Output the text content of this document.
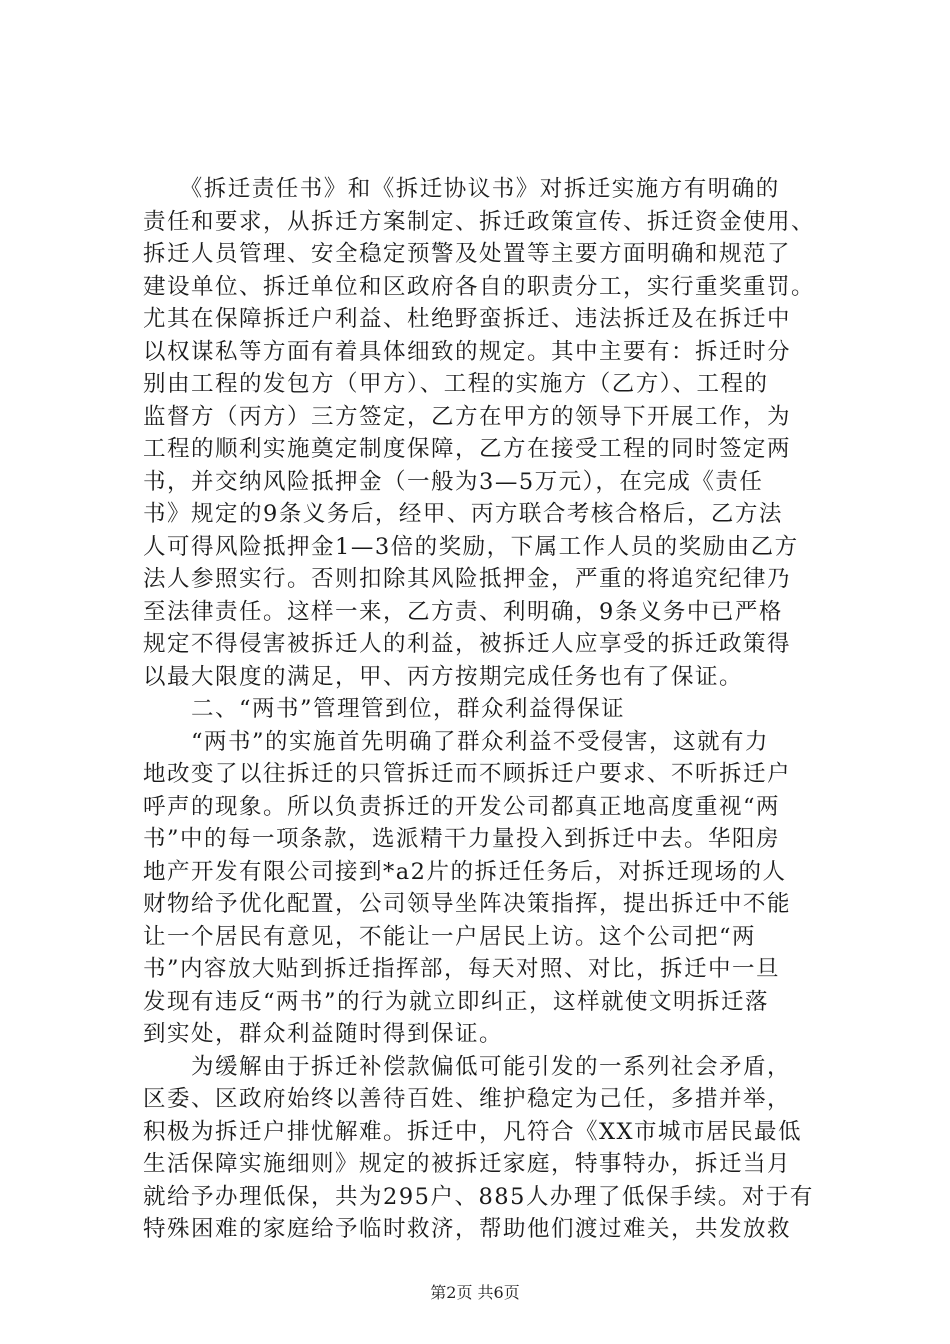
　　《拆迁责任书》和《拆迁协议书》对拆迁实施方有明确的
责任和要求，从拆迁方案制定、拆迁政策宣传、拆迁资金使用、
拆迁人员管理、安全稳定预警及处置等主要方面明确和规范了
建设单位、拆迁单位和区政府各自的职责分工，实行重奖重罚。
尤其在保障拆迁户利益、杜绝野蛮拆迁、违法拆迁及在拆迁中
以权谋私等方面有着具体细致的规定。其中主要有：拆迁时分
别由工程的发包方（甲方）、工程的实施方（乙方）、工程的
监督方（丙方）三方签定，乙方在甲方的领导下开展工作，为
工程的顺利实施奠定制度保障，乙方在接受工程的同时签定两
书，并交纳风险抵押金（一般为3—5万元），在完成《责任
书》规定的9条义务后，经甲、丙方联合考核合格后，乙方法
人可得风险抵押金1—3倍的奖励，下属工作人员的奖励由乙方
法人参照实行。否则扣除其风险抵押金，严重的将追究纪律乃
至法律责任。这样一来，乙方责、利明确，9条义务中已严格
规定不得侵害被拆迁人的利益，被拆迁人应享受的拆迁政策得
以最大限度的满足，甲、丙方按期完成任务也有了保证。
　　二、“两书”管理管到位，群众利益得保证
　　“两书”的实施首先明确了群众利益不受侵害，这就有力
地改变了以往拆迁的只管拆迁而不顾拆迁户要求、不听拆迁户
呼声的现象。所以负责拆迁的开发公司都真正地高度重视“两
书”中的每一项条款，选派精干力量投入到拆迁中去。华阳房
地产开发有限公司接到*a2片的拆迁任务后，对拆迁现场的人
财物给予优化配置，公司领导坐阵决策指挥，提出拆迁中不能
让一个居民有意见，不能让一户居民上访。这个公司把“两
书”内容放大贴到拆迁指挥部，每天对照、对比，拆迁中一旦
发现有违反“两书”的行为就立即纠正，这样就使文明拆迁落
到实处，群众利益随时得到保证。
　　为缓解由于拆迁补偿款偏低可能引发的一系列社会矛盾，
区委、区政府始终以善待百姓、维护稳定为己任，多措并举，
积极为拆迁户排忧解难。拆迁中，凡符合《XX市城市居民最低
生活保障实施细则》规定的被拆迁家庭，特事特办，拆迁当月
就给予办理低保，共为295户、885人办理了低保手续。对于有
特殊困难的家庭给予临时救济，帮助他们渡过难关，共发放救
第2页 共6页
